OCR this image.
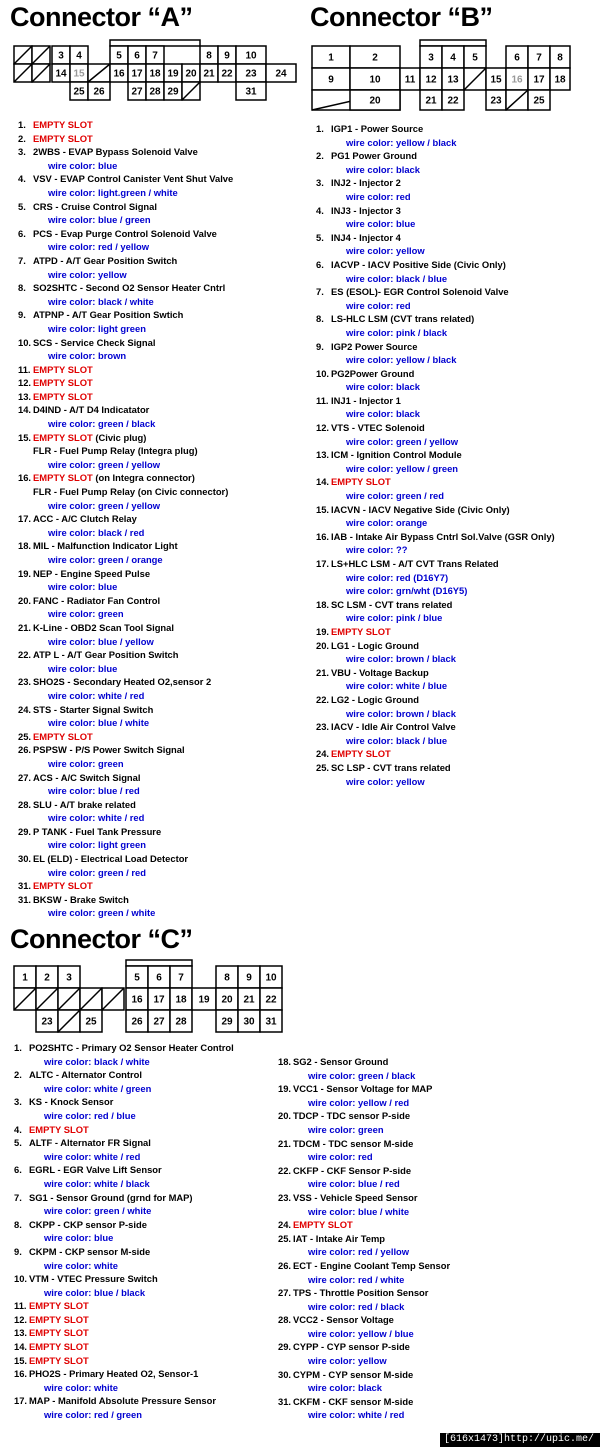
Connector “A”	Connector “B”
Connector “C”
3 4	5 6 7	8 9 10
14 15	16 17 18 19 20 21 22 23 24
25 26	27 28 29	31
1	2	3 4 5	6 7 8
9	10 11 12 13	15 16 17 18
20	21 22	23	25
1 2 3	5 6 7	8 9 10
16 17 18 19 20 21 22
23	25	26 27 28	29 30 31
1. EMPTY SLOT
2. EMPTY SLOT
3. 2WBS - EVAP Bypass Solenoid Valve
wire color: blue
4. VSV - EVAP Control Canister Vent Shut Valve
wire color: light.green / white
5. CRS - Cruise Control Signal
wire color: blue / green
6. PCS - Evap Purge Control Solenoid Valve
wire color: red / yellow
7. ATPD - A/T Gear Position Switch
wire color: yellow
8. SO2SHTC - Second O2 Sensor Heater Cntrl
wire color: black / white
9. ATPNP - A/T Gear Position Swtich
wire color: light green
10. SCS - Service Check Signal
wire color: brown
11. EMPTY SLOT
12. EMPTY SLOT
13. EMPTY SLOT
14. D4IND - A/T D4 Indicatator
wire color: green / black
15. EMPTY SLOT (Civic plug)
FLR - Fuel Pump Relay (Integra plug)
wire color: green / yellow
16. EMPTY SLOT (on Integra connector)
FLR - Fuel Pump Relay (on Civic connector)
wire color: green / yellow
17. ACC - A/C Clutch Relay
wire color: black / red
18. MIL - Malfunction Indicator Light
wire color: green / orange
19. NEP - Engine Speed Pulse
wire color: blue
20. FANC - Radiator Fan Control
wire color: green
21. K-Line - OBD2 Scan Tool Signal
wire color: blue / yellow
22. ATP L - A/T Gear Position Switch
wire color: blue
23. SHO2S - Secondary Heated O2,sensor 2
wire color: white / red
24. STS - Starter Signal Switch
wire color: blue / white
25. EMPTY SLOT
26. PSPSW - P/S Power Switch Signal
wire color: green
27. ACS - A/C Switch Signal
wire color: blue / red
28. SLU - A/T brake related
wire color: white / red
29. P TANK - Fuel Tank Pressure
wire color: light green
30. EL (ELD) - Electrical Load Detector
wire color: green / red
31. EMPTY SLOT
31. BKSW - Brake Switch
wire color: green / white
1. IGP1 - Power Source
wire color: yellow / black
2. PG1 Power Ground
wire color: black
3. INJ2 - Injector 2
wire color: red
4. INJ3 - Injector 3
wire color: blue
5. INJ4 - Injector 4
wire color: yellow
6. IACVP - IACV Positive Side (Civic Only)
wire color: black / blue
7. ES (ESOL)- EGR Control Solenoid Valve
wire color: red
8. LS-HLC LSM (CVT trans related)
wire color: pink / black
9. IGP2 Power Source
wire color: yellow / black
10. PG2Power Ground
wire color: black
11. INJ1 - Injector 1
wire color: black
12. VTS - VTEC Solenoid
wire color: green / yellow
13. ICM - Ignition Control Module
wire color: yellow / green
14. EMPTY SLOT
wire color: green / red
15. IACVN - IACV Negative Side (Civic Only)
wire color: orange
16. IAB - Intake Air Bypass Cntrl Sol.Valve (GSR Only)
wire color: ??
17. LS+HLC LSM - A/T CVT Trans Related
wire color: red (D16Y7)
wire color: grn/wht (D16Y5)
18. SC LSM - CVT trans related
wire color: pink / blue
19. EMPTY SLOT
20. LG1 - Logic Ground
wire color: brown / black
21. VBU - Voltage Backup
wire color: white / blue
22. LG2 - Logic Ground
wire color: brown / black
23. IACV - Idle Air Control Valve
wire color: black / blue
24. EMPTY SLOT
25. SC LSP - CVT trans related
wire color: yellow
1. PO2SHTC - Primary O2 Sensor Heater Control
wire color: black / white
2. ALTC - Alternator Control
wire color: white / green
3. KS - Knock Sensor
wire color: red / blue
4. EMPTY SLOT
5. ALTF - Alternator FR Signal
wire color: white / red
6. EGRL - EGR Valve Lift Sensor
wire color: white / black
7. SG1 - Sensor Ground (grnd for MAP)
wire color: green / white
8. CKPP - CKP sensor P-side
wire color: blue
9. CKPM - CKP sensor M-side
wire color: white
10. VTM - VTEC Pressure Switch
wire color: blue / black
11. EMPTY SLOT
12. EMPTY SLOT
13. EMPTY SLOT
14. EMPTY SLOT
15. EMPTY SLOT
16. PHO2S - Primary Heated O2, Sensor-1
wire color: white
17. MAP - Manifold Absolute Pressure Sensor
wire color: red / green
18. SG2 - Sensor Ground
wire color: green / black
19. VCC1 - Sensor Voltage for MAP
wire color: yellow / red
20. TDCP - TDC sensor P-side
wire color: green
21. TDCM - TDC sensor M-side
wire color: red
22. CKFP - CKF Sensor P-side
wire color: blue / red
23. VSS - Vehicle Speed Sensor
wire color: blue / white
24. EMPTY SLOT
25. IAT - Intake Air Temp
wire color: red / yellow
26. ECT - Engine Coolant Temp Sensor
wire color: red / white
27. TPS - Throttle Position Sensor
wire color: red / black
28. VCC2 - Sensor Voltage
wire color: yellow / blue
29. CYPP - CYP sensor P-side
wire color: yellow
30. CYPM - CYP sensor M-side
wire color: black
31. CKFM - CKF sensor M-side
wire color: white / red
[616x1473]http://upic.me/
